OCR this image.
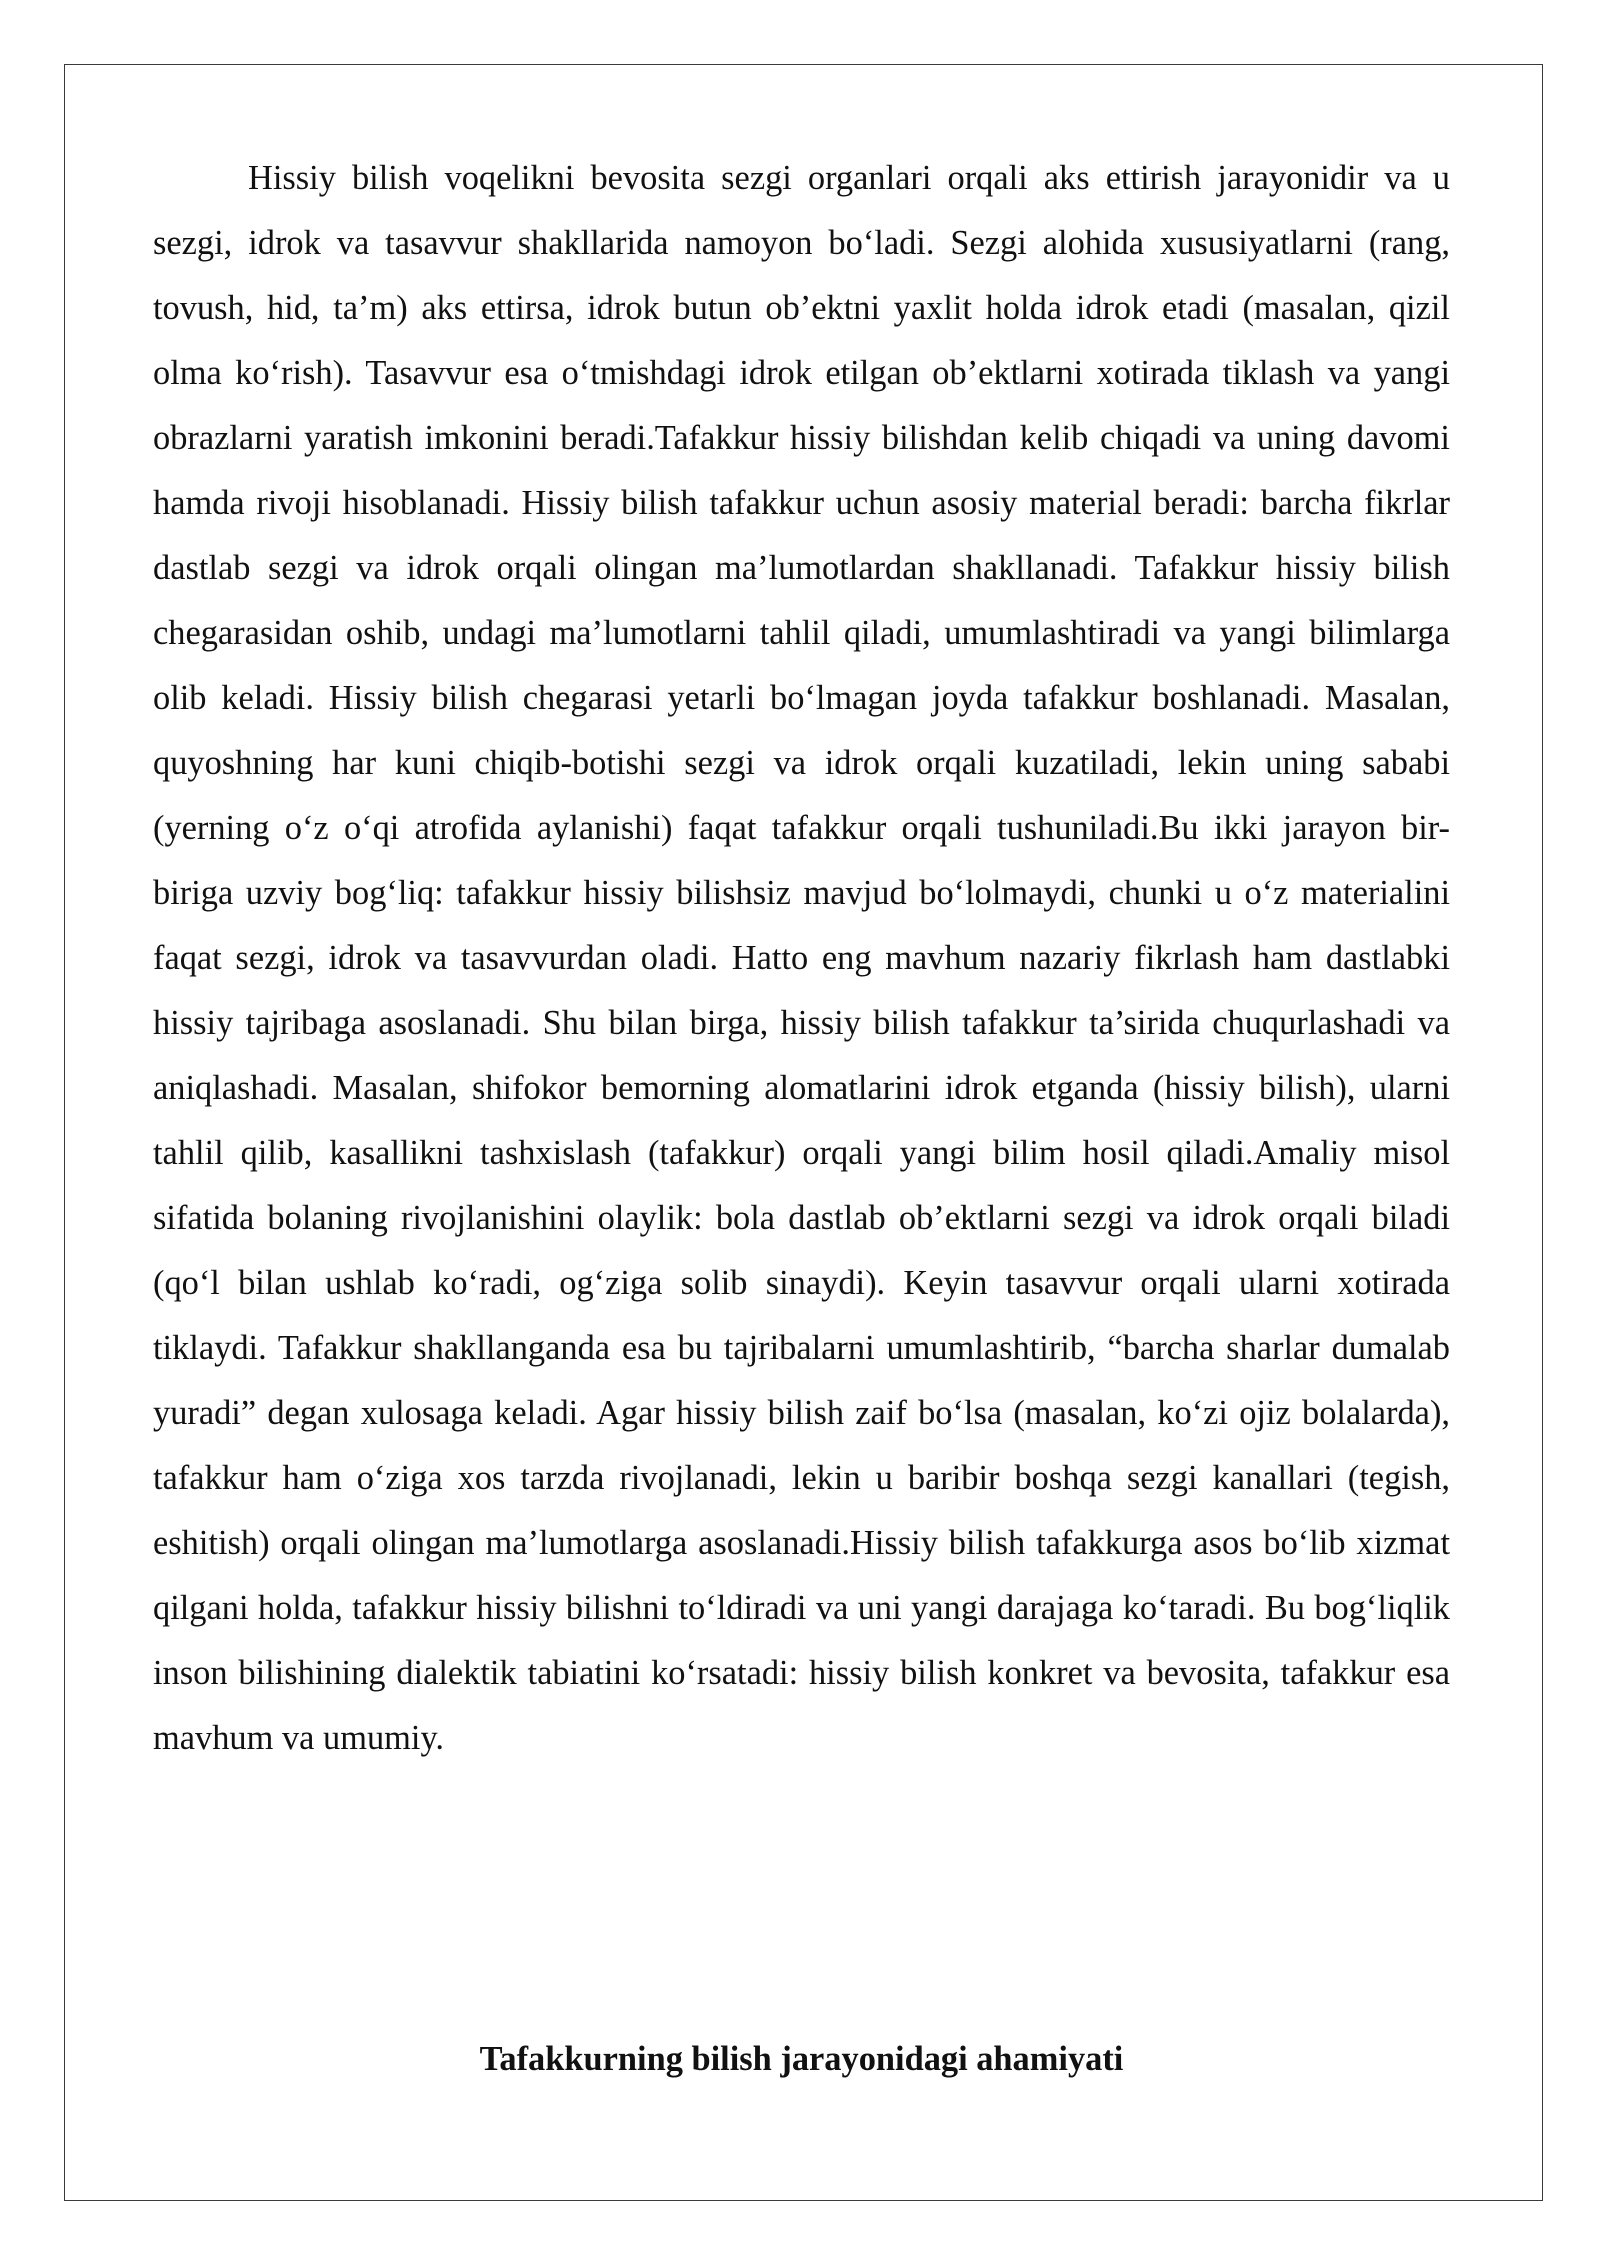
Hissiy bilish voqelikni bevosita sezgi organlari orqali aks ettirish jarayonidir va u sezgi, idrok va tasavvur shakllarida namoyon bo‘ladi. Sezgi alohida xususiyatlarni (rang, tovush, hid, ta’m) aks ettirsa, idrok butun ob’ektni yaxlit holda idrok etadi (masalan, qizil olma ko‘rish). Tasavvur esa o‘tmishdagi idrok etilgan ob’ektlarni xotirada tiklash va yangi obrazlarni yaratish imkonini beradi.Tafakkur hissiy bilishdan kelib chiqadi va uning davomi hamda rivoji hisoblanadi. Hissiy bilish tafakkur uchun asosiy material beradi: barcha fikrlar dastlab sezgi va idrok orqali olingan ma’lumotlardan shakllanadi. Tafakkur hissiy bilish chegarasidan oshib, undagi ma’lumotlarni tahlil qiladi, umumlashtiradi va yangi bilimlarga olib keladi. Hissiy bilish chegarasi yetarli bo‘lmagan joyda tafakkur boshlanadi. Masalan, quyoshning har kuni chiqib-botishi sezgi va idrok orqali kuzatiladi, lekin uning sababi (yerning o‘z o‘qi atrofida aylanishi) faqat tafakkur orqali tushuniladi.Bu ikki jarayon bir-biriga uzviy bog‘liq: tafakkur hissiy bilishsiz mavjud bo‘lolmaydi, chunki u o‘z materialini faqat sezgi, idrok va tasavvurdan oladi. Hatto eng mavhum nazariy fikrlash ham dastlabki hissiy tajribaga asoslanadi. Shu bilan birga, hissiy bilish tafakkur ta’sirida chuqurlashadi va aniqlashadi. Masalan, shifokor bemorning alomatlarini idrok etganda (hissiy bilish), ularni tahlil qilib, kasallikni tashxislash (tafakkur) orqali yangi bilim hosil qiladi.Amaliy misol sifatida bolaning rivojlanishini olaylik: bola dastlab ob’ektlarni sezgi va idrok orqali biladi (qo‘l bilan ushlab ko‘radi, og‘ziga solib sinaydi). Keyin tasavvur orqali ularni xotirada tiklaydi. Tafakkur shakllanganda esa bu tajribalarni umumlashtirib, “barcha sharlar dumalab yuradi” degan xulosaga keladi. Agar hissiy bilish zaif bo‘lsa (masalan, ko‘zi ojiz bolalarda), tafakkur ham o‘ziga xos tarzda rivojlanadi, lekin u baribir boshqa sezgi kanallari (tegish, eshitish) orqali olingan ma’lumotlarga asoslanadi.Hissiy bilish tafakkurga asos bo‘lib xizmat qilgani holda, tafakkur hissiy bilishni to‘ldiradi va uni yangi darajaga ko‘taradi. Bu bog‘liqlik inson bilishining dialektik tabiatini ko‘rsatadi: hissiy bilish konkret va bevosita, tafakkur esa mavhum va umumiy.

Tafakkurning bilish jarayonidagi ahamiyati
